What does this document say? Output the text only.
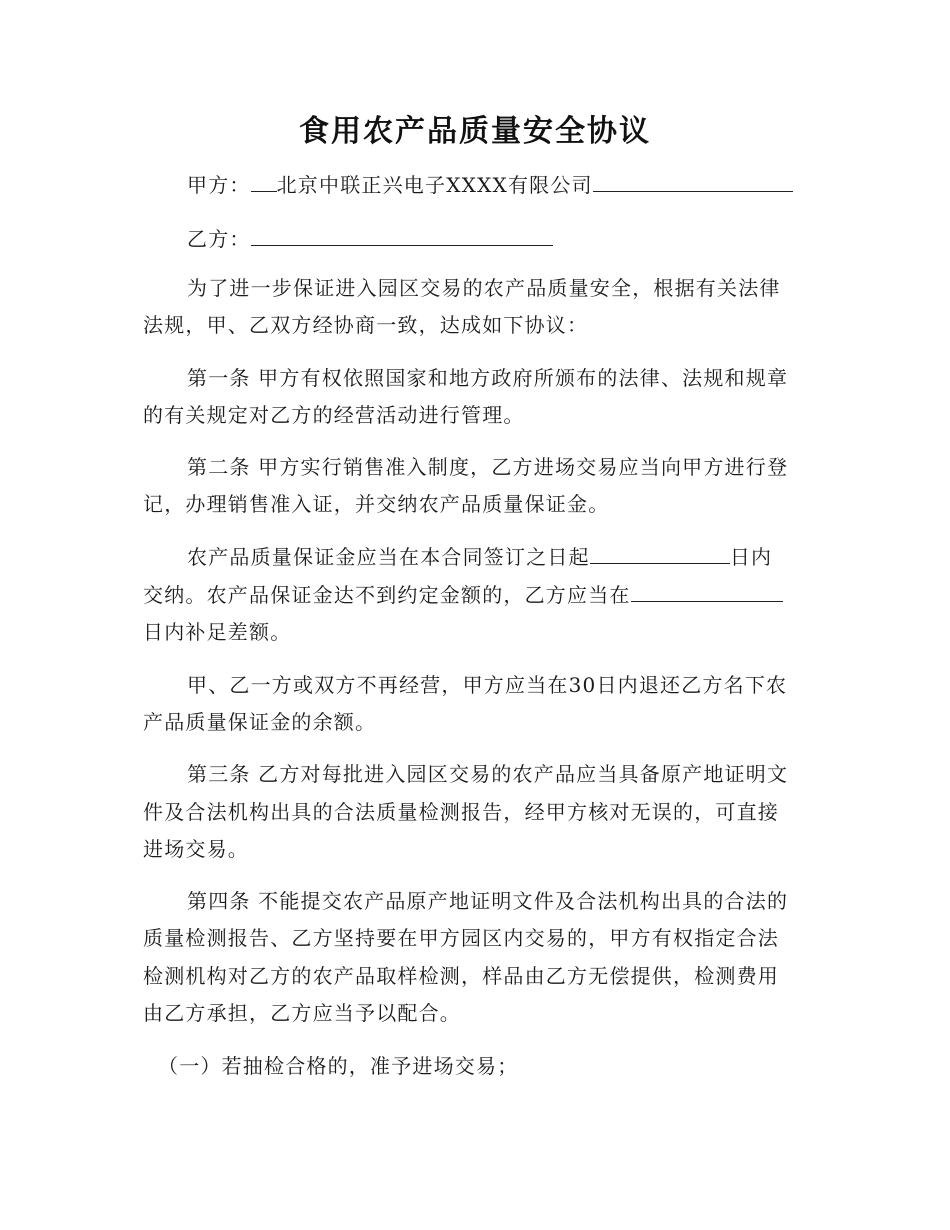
食用农产品质量安全协议
甲方： 北京中联正兴电子XXXX有限公司
乙方：
为了进一步保证进入园区交易的农产品质量安全，根据有关法律
法规，甲、乙双方经协商一致，达成如下协议：
第一条 甲方有权依照国家和地方政府所颁布的法律、法规和规章
的有关规定对乙方的经营活动进行管理。
第二条 甲方实行销售准入制度，乙方进场交易应当向甲方进行登
记，办理销售准入证，并交纳农产品质量保证金。
农产品质量保证金应当在本合同签订之日起	日内
交纳。农产品保证金达不到约定金额的，乙方应当在
日内补足差额。
甲、乙一方或双方不再经营，甲方应当在30日内退还乙方名下农
产品质量保证金的余额。
第三条 乙方对每批进入园区交易的农产品应当具备原产地证明文
件及合法机构出具的合法质量检测报告，经甲方核对无误的，可直接
进场交易。
第四条 不能提交农产品原产地证明文件及合法机构出具的合法的
质量检测报告、乙方坚持要在甲方园区内交易的，甲方有权指定合法
检测机构对乙方的农产品取样检测，样品由乙方无偿提供，检测费用
由乙方承担，乙方应当予以配合。
（一）若抽检合格的，准予进场交易；
